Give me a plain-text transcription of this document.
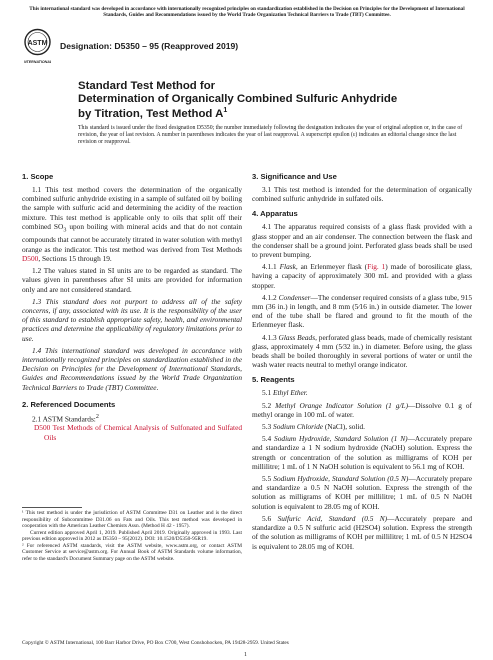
This international standard was developed in accordance with internationally recognized principles on standardization established in the Decision on Principles for the Development of International Standards, Guides and Recommendations issued by the World Trade Organization Technical Barriers to Trade (TBT) Committee.
ASTM
INTERNATIONAL
Designation: D5350 – 95 (Reapproved 2019)
Standard Test Method for
Determination of Organically Combined Sulfuric Anhydride
by Titration, Test Method $A^1$
This standard is issued under the fixed designation D5350; the number immediately following the designation indicates the year of original adoption or, in the case of revision, the year of last revision. A number in parentheses indicates the year of last reapproval. A superscript epsilon (ε) indicates an editorial change since the last revision or reapproval.
1. Scope

1.1 This test method covers the determination of the organically combined sulfuric anhydride existing in a sample of sulfated oil by boiling the sample with sulfuric acid and determining the acidity of the reaction mixture. This test method is applicable only to oils that split off their combined $SO_3$ upon boiling with mineral acids and that do not contain compounds that cannot be accurately titrated in water solution with methyl orange as the indicator. This test method was derived from Test Methods D500, Sections 15 through 19.

1.2 The values stated in SI units are to be regarded as standard. The values given in parentheses after SI units are provided for information only and are not considered standard.

1.3 This standard does not purport to address all of the safety concerns, if any, associated with its use. It is the responsibility of the user of this standard to establish appropriate safety, health, and environmental practices and determine the applicability of regulatory limitations prior to use.

1.4 This international standard was developed in accordance with internationally recognized principles on standardization established in the Decision on Principles for the Development of International Standards, Guides and Recommendations issued by the World Trade Organization Technical Barriers to Trade (TBT) Committee.

2. Referenced Documents

2.1 ASTM Standards:$^2$

D500 Test Methods of Chemical Analysis of Sulfonated and Sulfated Oils

¹ This test method is under the jurisdiction of ASTM Committee D31 on Leather and is the direct responsibility of Subcommittee D31.06 on Fats and Oils. This test method was developed in cooperation with the American Leather Chemists Assn. (Method H 42 - 1957).

Current edition approved April 1, 2019. Published April 2019. Originally approved in 1993. Last previous edition approved in 2012 as D5350 – 95(2012). DOI: 10.1520/D5350-95R19.

² For referenced ASTM standards, visit the ASTM website, www.astm.org, or contact ASTM Customer Service at service@astm.org. For Annual Book of ASTM Standards volume information, refer to the standard's Document Summary page on the ASTM website.

3. Significance and Use

3.1 This test method is intended for the determination of organically combined sulfuric anhydride in sulfated oils.

4. Apparatus

4.1 The apparatus required consists of a glass flask provided with a glass stopper and an air condenser. The connection between the flask and the condenser shall be a ground joint. Perforated glass beads shall be used to prevent bumping.

4.1.1 Flask, an Erlenmeyer flask (Fig. 1) made of borosilicate glass, having a capacity of approximately 300 mL and provided with a glass stopper.

4.1.2 Condenser—The condenser required consists of a glass tube, 915 mm (36 in.) in length, and 8 mm (5⁄16 in.) in outside diameter. The lower end of the tube shall be flared and ground to fit the mouth of the Erlenmeyer flask.

4.1.3 Glass Beads, perforated glass beads, made of chemically resistant glass, approximately 4 mm (5⁄32 in.) in diameter. Before using, the glass beads shall be boiled thoroughly in several portions of water or until the wash water reacts neutral to methyl orange indicator.

5. Reagents

5.1 Ethyl Ether.

5.2 Methyl Orange Indicator Solution (1 g/L)—Dissolve 0.1 g of methyl orange in 100 mL of water.

5.3 Sodium Chloride (NaCl), solid.

5.4 Sodium Hydroxide, Standard Solution (1 N)—Accurately prepare and standardize a 1 N sodium hydroxide (NaOH) solution. Express the strength or concentration of the solution as milligrams of KOH per millilitre; 1 mL of 1 N NaOH solution is equivalent to 56.1 mg of KOH.

5.5 Sodium Hydroxide, Standard Solution (0.5 N)—Accurately prepare and standardize a 0.5 N NaOH solution. Express the strength of the solution as milligrams of KOH per millilitre; 1 mL of 0.5 N NaOH solution is equivalent to 28.05 mg of KOH.

5.6 Sulfuric Acid, Standard (0.5 N)—Accurately prepare and standardize a 0.5 N sulfuric acid (H2SO4) solution. Express the strength of the solution as milligrams of KOH per millilitre; 1 mL of 0.5 N H2SO4 is equivalent to 28.05 mg of KOH.

Copyright © ASTM International, 100 Barr Harbor Drive, PO Box C700, West Conshohocken, PA 19428-2959. United States
1
